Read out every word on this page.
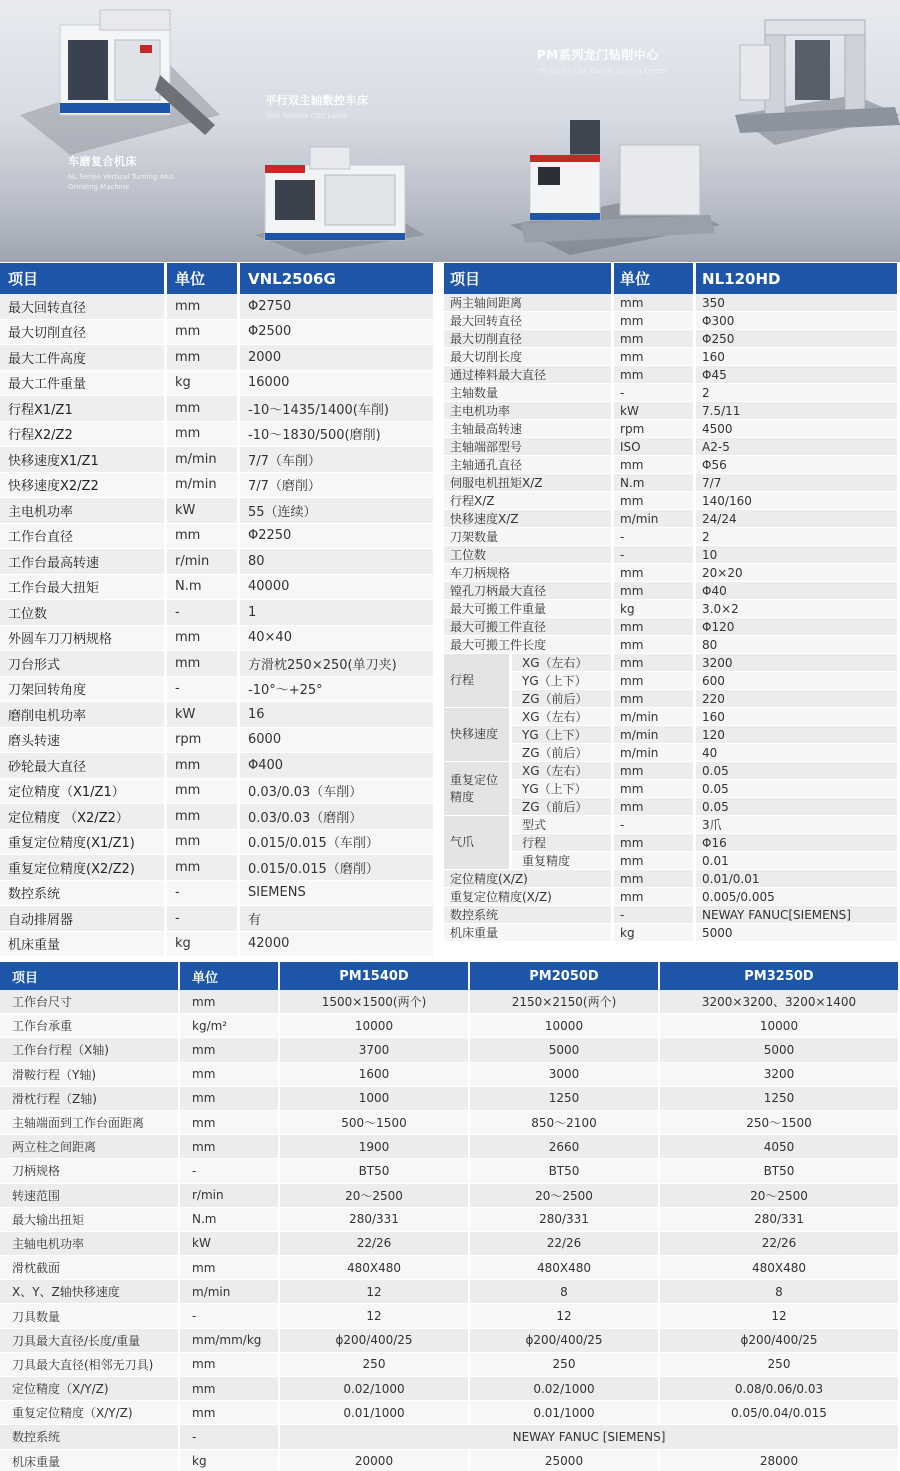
车磨复合机床
NL Series Vertical Turning And Grinding Machine
平行双主轴数控车床
Twin Spindle CNC Lathe
PM系列龙门钻削中心
PM Series CNC Gantry Drilling Center
项目	单位	VNL2506G
最大回转直径	mm	Φ2750
最大切削直径	mm	Φ2500
最大工件高度	mm	2000
最大工件重量	kg	16000
行程X1/Z1	mm	-10～1435/1400(车削)
行程X2/Z2	mm	-10～1830/500(磨削)
快移速度X1/Z1	m/min	7/7（车削）
快移速度X2/Z2	m/min	7/7（磨削）
主电机功率	kW	55（连续）
工作台直径	mm	Φ2250
工作台最高转速	r/min	80
工作台最大扭矩	N.m	40000
工位数	-	1
外圆车刀刀柄规格	mm	40×40
刀台形式	mm	方滑枕250×250(单刀夹)
刀架回转角度	-	-10°～+25°
磨削电机功率	kW	16
磨头转速	rpm	6000
砂轮最大直径	mm	Φ400
定位精度（X1/Z1）	mm	0.03/0.03（车削）
定位精度 （X2/Z2）	mm	0.03/0.03（磨削）
重复定位精度(X1/Z1)	mm	0.015/0.015（车削）
重复定位精度(X2/Z2)	mm	0.015/0.015（磨削）
数控系统	-	SIEMENS
自动排屑器	-	有
机床重量	kg	42000
项目		单位	NL120HD
两主轴间距离		mm	350
最大回转直径		mm	Φ300
最大切削直径		mm	Φ250
最大切削长度		mm	160
通过棒料最大直径		mm	Φ45
主轴数量		-	2
主电机功率		kW	7.5/11
主轴最高转速		rpm	4500
主轴端部型号		ISO	A2-5
主轴通孔直径		mm	Φ56
伺服电机扭矩X/Z		N.m	7/7
行程X/Z		mm	140/160
快移速度X/Z		m/min	24/24
刀架数量		-	2
工位数		-	10
车刀柄规格		mm	20×20
镗孔刀柄最大直径		mm	Φ40
最大可搬工件重量		kg	3.0×2
最大可搬工件直径		mm	Φ120
最大可搬工件长度		mm	80
行程	XG（左右）	mm	3200
	YG（上下）	mm	600
	ZG（前后）	mm	220
快移速度	XG（左右）	m/min	160
	YG（上下）	m/min	120
	ZG（前后）	m/min	40
重复定位 精度	XG（左右）	mm	0.05
	YG（上下）	mm	0.05
	ZG（前后）	mm	0.05
气爪	型式	-	3爪
	行程	mm	Φ16
	重复精度	mm	0.01
定位精度(X/Z)		mm	0.01/0.01
重复定位精度(X/Z)		mm	0.005/0.005
数控系统		-	NEWAY FANUC[SIEMENS]
机床重量		kg	5000
项目	单位	PM1540D	PM2050D	PM3250D
工作台尺寸	mm	1500×1500(两个)	2150×2150(两个)	3200×3200、3200×1400
工作台承重	kg/m²	10000	10000	10000
工作台行程（X轴)	mm	3700	5000	5000
滑鞍行程（Y轴)	mm	1600	3000	3200
滑枕行程（Z轴)	mm	1000	1250	1250
主轴端面到工作台面距离	mm	500～1500	850～2100	250～1500
两立柱之间距离	mm	1900	2660	4050
刀柄规格	-	BT50	BT50	BT50
转速范围	r/min	20～2500	20～2500	20～2500
最大输出扭矩	N.m	280/331	280/331	280/331
主轴电机功率	kW	22/26	22/26	22/26
滑枕截面	mm	480X480	480X480	480X480
X、Y、Z轴快移速度	m/min	12	8	8
刀具数量	-	12	12	12
刀具最大直径/长度/重量	mm/mm/kg	ϕ200/400/25	ϕ200/400/25	ϕ200/400/25
刀具最大直径(相邻无刀具)	mm	250	250	250
定位精度（X/Y/Z)	mm	0.02/1000	0.02/1000	0.08/0.06/0.03
重复定位精度（X/Y/Z)	mm	0.01/1000	0.01/1000	0.05/0.04/0.015
数控系统	-	NEWAY FANUC [SIEMENS]		
机床重量	kg	20000	25000	28000
